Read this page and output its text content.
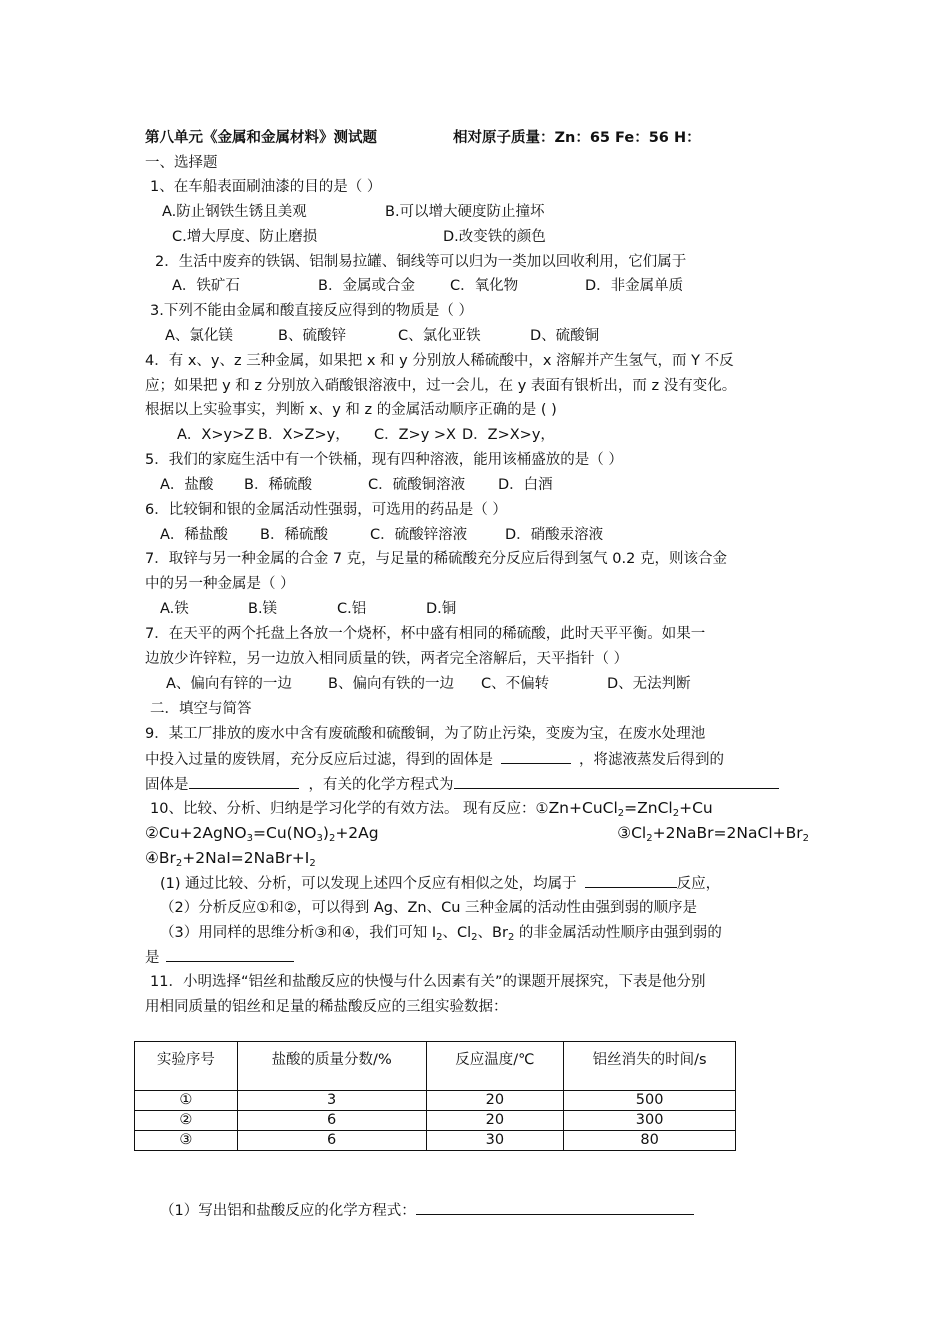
第八单元《金属和金属材料》测试题	相对原子质量：Zn：65 Fe：56 H：
一、选择题
1、在车船表面刷油漆的目的是（ ）
A.防止钢铁生锈且美观	B.可以增大硬度防止撞坏
C.增大厚度、防止磨损	D.改变铁的颜色
2．生活中废弃的铁锅、铝制易拉罐、铜线等可以归为一类加以回收利用，它们属于
A．铁矿石	B．金属或合金 C．氧化物	D．非金属单质
3.下列不能由金属和酸直接反应得到的物质是（ ）
A、氯化镁	B、硫酸锌	C、氯化亚铁	D、硫酸铜
4．有 x、y、z 三种金属，如果把 x 和 y 分别放人稀硫酸中，x 溶解并产生氢气，而 Y 不反
应；如果把 y 和 z 分别放入硝酸银溶液中，过一会儿，在 y 表面有银析出，而 z 没有变化。
根据以上实验事实，判断 x、y 和 z 的金属活动顺序正确的是 ( )
A．X>y>Z B．X>Z>y， C．Z>y >X D．Z>X>y，
5．我们的家庭生活中有一个铁桶，现有四种溶液，能用该桶盛放的是（ ）
A．盐酸 B．稀硫酸	C．硫酸铜溶液 D．白酒
6．比较铜和银的金属活动性强弱，可选用的药品是（ ）
A．稀盐酸 B．稀硫酸	C．硫酸锌溶液	D．硝酸汞溶液
7．取锌与另一种金属的合金 7 克，与足量的稀硫酸充分反应后得到氢气 0.2 克，则该合金
中的另一种金属是（ ）
A.铁	B.镁	C.铝	D.铜
7．在天平的两个托盘上各放一个烧杯，杯中盛有相同的稀硫酸，此时天平平衡。如果一
边放少许锌粒，另一边放入相同质量的铁，两者完全溶解后，天平指针（ ）
A、偏向有锌的一边 B、偏向有铁的一边 C、不偏转	D、无法判断
二．填空与简答
9．某工厂排放的废水中含有废硫酸和硫酸铜，为了防止污染，变废为宝，在废水处理池
中投入过量的废铁屑，充分反应后过滤，得到的固体是	，将滤液蒸发后得到的
固体是	，有关的化学方程式为
10、比较、分析、归纳是学习化学的有效方法。 现有反应：①Zn+CuCl$_2$=ZnCl$_2$+Cu
$②Cu+2AgNO_3=Cu(NO_3)_2+2Ag$	$③Cl_2+2NaBr=2NaCl+Br_2$
$④Br_2+2NaI=2NaBr+I_2$
(1) 通过比较、分析，可以发现上述四个反应有相似之处，均属于	反应，
（2）分析反应①和②，可以得到 Ag、Zn、Cu 三种金属的活动性由强到弱的顺序是
（3）用同样的思维分析③和④，我们可知 $I_2$、$Cl_2$、$Br_2$ 的非金属活动性顺序由强到弱的
是
11．小明选择“铝丝和盐酸反应的快慢与什么因素有关”的课题开展探究，下表是他分别
用相同质量的铝丝和足量的稀盐酸反应的三组实验数据：
实验序号	盐酸的质量分数/%	反应温度/℃	铝丝消失的时间/s
①	3	20	500
②	6	20	300
③	6	30	80
（1）写出铝和盐酸反应的化学方程式：
